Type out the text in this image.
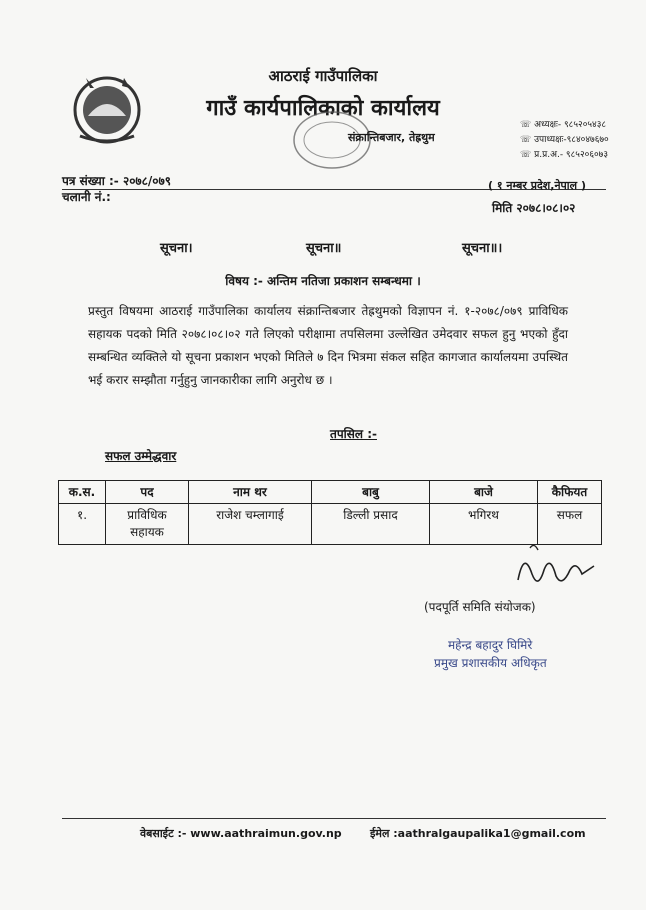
आठराई गाउँपालिका
गाउँ कार्यपालिकाको कार्यालय
संक्रान्तिबजार, तेह्रथुम
☏ अध्यक्षः- ९८५२०५४३८
☏ उपाध्यक्षः-९८४०४७६७०
☏ प्र.प्र.अ.- ९८५२०६०७३
पत्र संख्या :- २०७८/०७९
चलानी नं.:
( १ नम्बर प्रदेश,नेपाल )
मिति २०७८।०८।०२
सूचना।	सूचना॥	सूचना॥।
विषय :- अन्तिम नतिजा प्रकाशन सम्बन्धमा ।
प्रस्तुत विषयमा आठराई गाउँपालिका कार्यालय संक्रान्तिबजार तेह्रथुमको विज्ञापन नं. १-२०७८/०७९ प्राविधिक सहायक पदको मिति २०७८।०८।०२ गते लिएको परीक्षामा तपसिलमा उल्लेखित उमेदवार सफल हुनु भएको हुँदा सम्बन्धित व्यक्तिले यो सूचना प्रकाशन भएको मितिले ७ दिन भित्रमा संकल सहित कागजात कार्यालयमा उपस्थित भई करार सम्झौता गर्नुहुनु जानकारीका लागि अनुरोध छ ।
तपसिल :-
सफल उम्मेद्धवार
क.स.	पद	नाम थर	बाबु	बाजे	कैफियत
१.	प्राविधिक सहायक	राजेश चम्लागाई	डिल्ली प्रसाद	भगिरथ	सफल
(पदपूर्ति समिति संयोजक)
महेन्द्र बहादुर घिमिरे
प्रमुख प्रशासकीय अधिकृत
वेबसाईट :- www.aathraimun.gov.np	ईमेल :aathralgaupalika1@gmail.com
